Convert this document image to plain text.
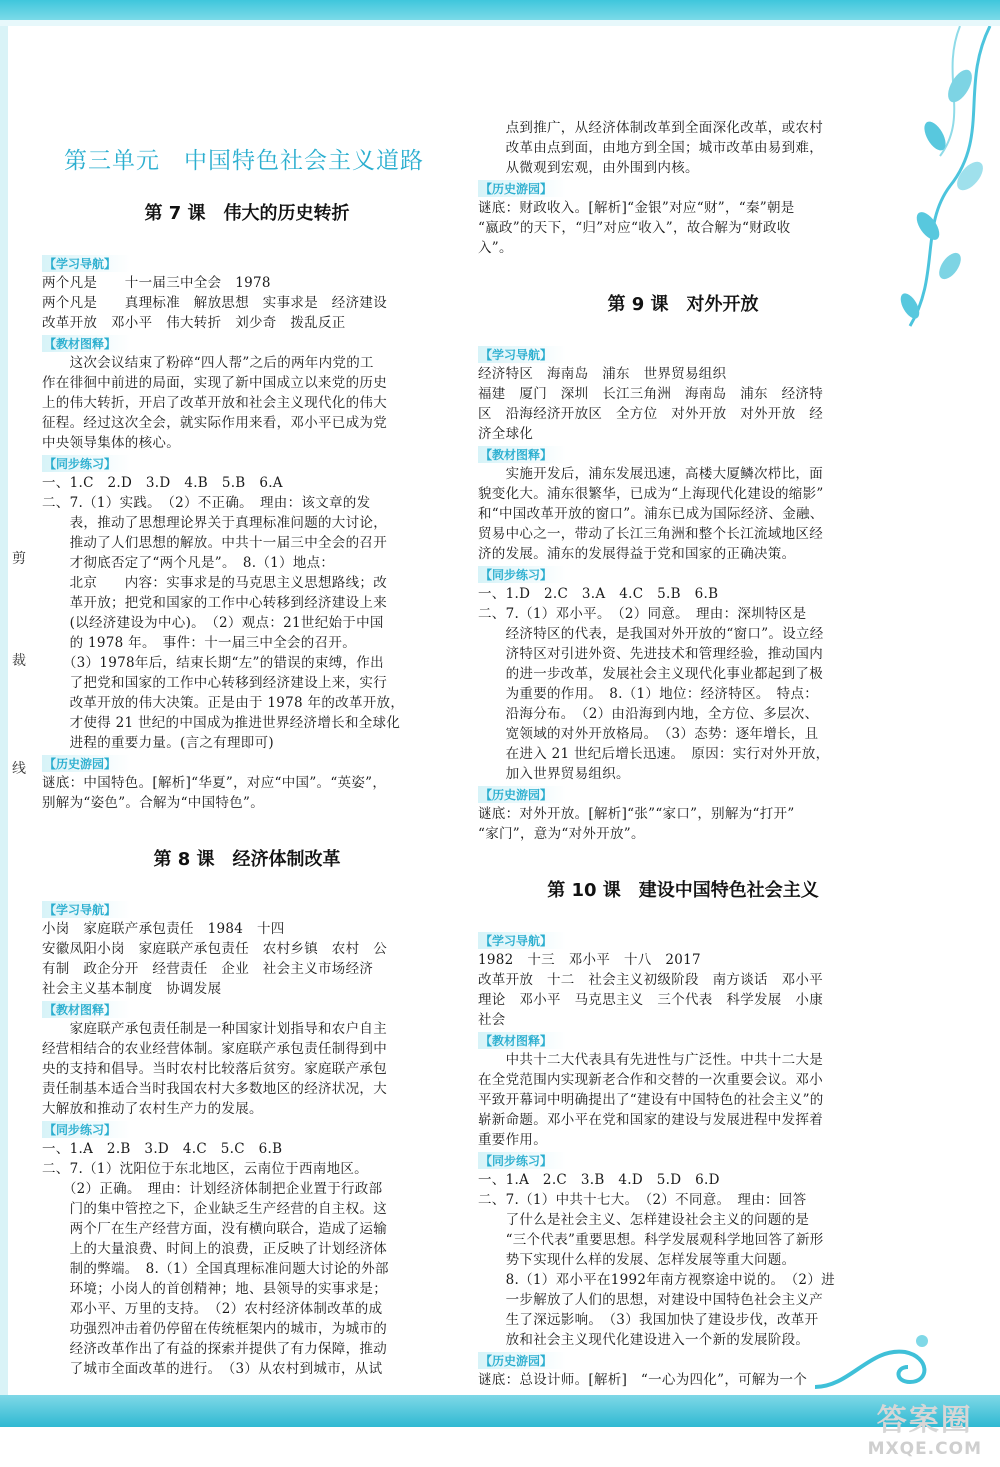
剪
裁
线
第三单元　中国特色社会主义道路
第 7 课　伟大的历史转折
【学习导航】
两个凡是　　十一届三中全会　1978
两个凡是　　真理标准　解放思想　实事求是　经济建设
改革开放　邓小平　伟大转折　刘少奇　拨乱反正
【教材图释】
　　这次会议结束了粉碎“四人帮”之后的两年内党的工
作在徘徊中前进的局面，实现了新中国成立以来党的历史
上的伟大转折，开启了改革开放和社会主义现代化的伟大
征程。经过这次全会，就实际作用来看，邓小平已成为党
中央领导集体的核心。
【同步练习】
一、1.C　2.D　3.D　4.B　5.B　6.A
二、7.（1）实践。　（2）不正确。　理由：该文章的发
　　表，推动了思想理论界关于真理标准问题的大讨论，
　　推动了人们思想的解放。中共十一届三中全会的召开
　　才彻底否定了“两个凡是”。　8.（1）地点：
　　北京　　内容：实事求是的马克思主义思想路线；改
　　革开放；把党和国家的工作中心转移到经济建设上来
　　(以经济建设为中心)。　（2）观点：21世纪始于中国
　　的 1978 年。　事件：十一届三中全会的召开。
　　（3）1978年后，结束长期“左”的错误的束缚，作出
　　了把党和国家的工作中心转移到经济建设上来，实行
　　改革开放的伟大决策。正是由于 1978 年的改革开放，
　　才使得 21 世纪的中国成为推进世界经济增长和全球化
　　进程的重要力量。(言之有理即可)
【历史游园】
谜底：中国特色。[解析]“华夏”，对应“中国”。“英姿”，
别解为“姿色”。合解为“中国特色”。
第 8 课　经济体制改革
【学习导航】
小岗　家庭联产承包责任　1984　十四
安徽凤阳小岗　家庭联产承包责任　农村乡镇　农村　公
有制　政企分开　经营责任　企业　社会主义市场经济
社会主义基本制度　协调发展
【教材图释】
　　家庭联产承包责任制是一种国家计划指导和农户自主
经营相结合的农业经营体制。家庭联产承包责任制得到中
央的支持和倡导。当时农村比较落后贫穷。家庭联产承包
责任制基本适合当时我国农村大多数地区的经济状况，大
大解放和推动了农村生产力的发展。
【同步练习】
一、1.A　2.B　3.D　4.C　5.C　6.B
二、7.（1）沈阳位于东北地区，云南位于西南地区。
　　（2）正确。　理由：计划经济体制把企业置于行政部
　　门的集中管控之下，企业缺乏生产经营的自主权。这
　　两个厂在生产经营方面，没有横向联合，造成了运输
　　上的大量浪费、时间上的浪费，正反映了计划经济体
　　制的弊端。　8.（1）全国真理标准问题大讨论的外部
　　环境；小岗人的首创精神；地、县领导的实事求是；
　　邓小平、万里的支持。　（2）农村经济体制改革的成
　　功强烈冲击着仍停留在传统框架内的城市，为城市的
　　经济改革作出了有益的探索并提供了有力保障，推动
　　了城市全面改革的进行。　（3）从农村到城市，从试
　　点到推广，从经济体制改革到全面深化改革，或农村
　　改革由点到面，由地方到全国；城市改革由易到难，
　　从微观到宏观，由外围到内核。
【历史游园】
谜底：财政收入。[解析]“金银”对应“财”，“秦”朝是
“嬴政”的天下，“归”对应“收入”，故合解为“财政收
入”。
第 9 课　对外开放
【学习导航】
经济特区　海南岛　浦东　世界贸易组织
福建　厦门　深圳　长江三角洲　海南岛　浦东　经济特
区　沿海经济开放区　全方位　对外开放　对外开放　经
济全球化
【教材图释】
　　实施开发后，浦东发展迅速，高楼大厦鳞次栉比，面
貌变化大。浦东很繁华，已成为“上海现代化建设的缩影”
和“中国改革开放的窗口”。浦东已成为国际经济、金融、
贸易中心之一，带动了长江三角洲和整个长江流域地区经
济的发展。浦东的发展得益于党和国家的正确决策。
【同步练习】
一、1.D　2.C　3.A　4.C　5.B　6.B
二、7.（1）邓小平。　（2）同意。　理由：深圳特区是
　　经济特区的代表，是我国对外开放的“窗口”。设立经
　　济特区对引进外资、先进技术和管理经验，推动国内
　　的进一步改革，发展社会主义现代化事业都起到了极
　　为重要的作用。　8.（1）地位：经济特区。　特点：
　　沿海分布。　（2）由沿海到内地，全方位、多层次、
　　宽领域的对外开放格局。　（3）态势：逐年增长，且
　　在进入 21 世纪后增长迅速。　原因：实行对外开放，
　　加入世界贸易组织。
【历史游园】
谜底：对外开放。[解析]“张”“家口”，别解为“打开”
“家门”，意为“对外开放”。
第 10 课　建设中国特色社会主义
【学习导航】
1982　十三　邓小平　十八　2017
改革开放　十二　社会主义初级阶段　南方谈话　邓小平
理论　邓小平　马克思主义　三个代表　科学发展　小康
社会
【教材图释】
　　中共十二大代表具有先进性与广泛性。中共十二大是
在全党范围内实现新老合作和交替的一次重要会议。邓小
平致开幕词中明确提出了“建设有中国特色的社会主义”的
崭新命题。邓小平在党和国家的建设与发展进程中发挥着
重要作用。
【同步练习】
一、1.A　2.C　3.B　4.D　5.D　6.D
二、7.（1）中共十七大。　（2）不同意。　理由：回答
　　了什么是社会主义、怎样建设社会主义的问题的是
　　“三个代表”重要思想。科学发展观科学地回答了新形
　　势下实现什么样的发展、怎样发展等重大问题。
　　8.（1）邓小平在1992年南方视察途中说的。　（2）进
　　一步解放了人们的思想，对建设中国特色社会主义产
　　生了深远影响。　（3）我国加快了建设步伐，改革开
　　放和社会主义现代化建设进入一个新的发展阶段。
【历史游园】
谜底：总设计师。[解析]　“一心为四化”，可解为一个
答案圈
MXQE.COM
